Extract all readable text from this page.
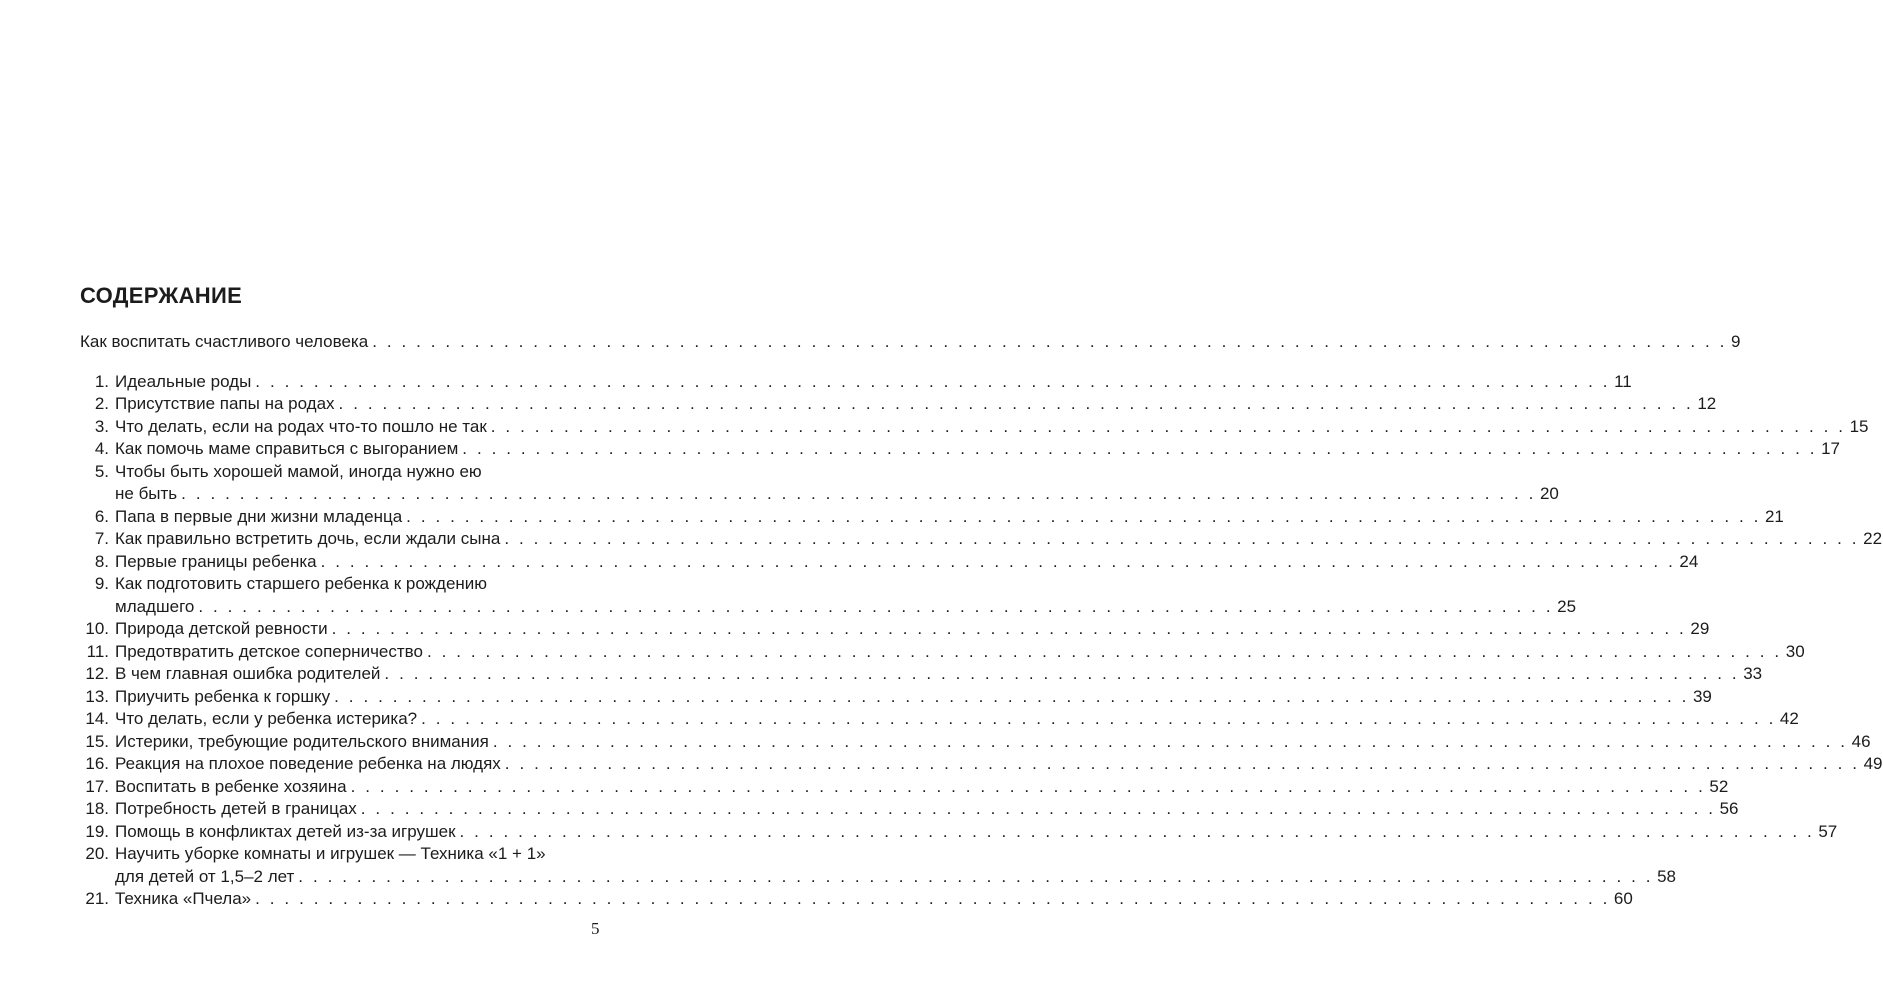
СОДЕРЖАНИЕ
Как воспитать счастливого человека . . .	9
1. Идеальные роды . . .	11
2. Присутствие папы на родах . . .	12
3. Что делать, если на родах что-то пошло не так . . .	15
4. Как помочь маме справиться с выгоранием . . .	17
5. Чтобы быть хорошей мамой, иногда нужно ею
не быть . . .	20
6. Папа в первые дни жизни младенца . . .	21
7. Как правильно встретить дочь, если ждали сына . . .	22
8. Первые границы ребенка . . .	24
9. Как подготовить старшего ребенка к рождению
младшего . . .	25
10. Природа детской ревности . . .	29
11. Предотвратить детское соперничество . . .	30
12. В чем главная ошибка родителей . . .	33
13. Приучить ребенка к горшку . . .	39
14. Что делать, если у ребенка истерика? . . .	42
15. Истерики, требующие родительского внимания . . .	46
16. Реакция на плохое поведение ребенка на людях . . .	49
17. Воспитать в ребенке хозяина . . .	52
18. Потребность детей в границах . . .	56
19. Помощь в конфликтах детей из-за игрушек . . .	57
20. Научить уборке комнаты и игрушек — Техника «1 + 1»
для детей от 1,5–2 лет . . .	58
21. Техника «Пчела» . . .	60
5
